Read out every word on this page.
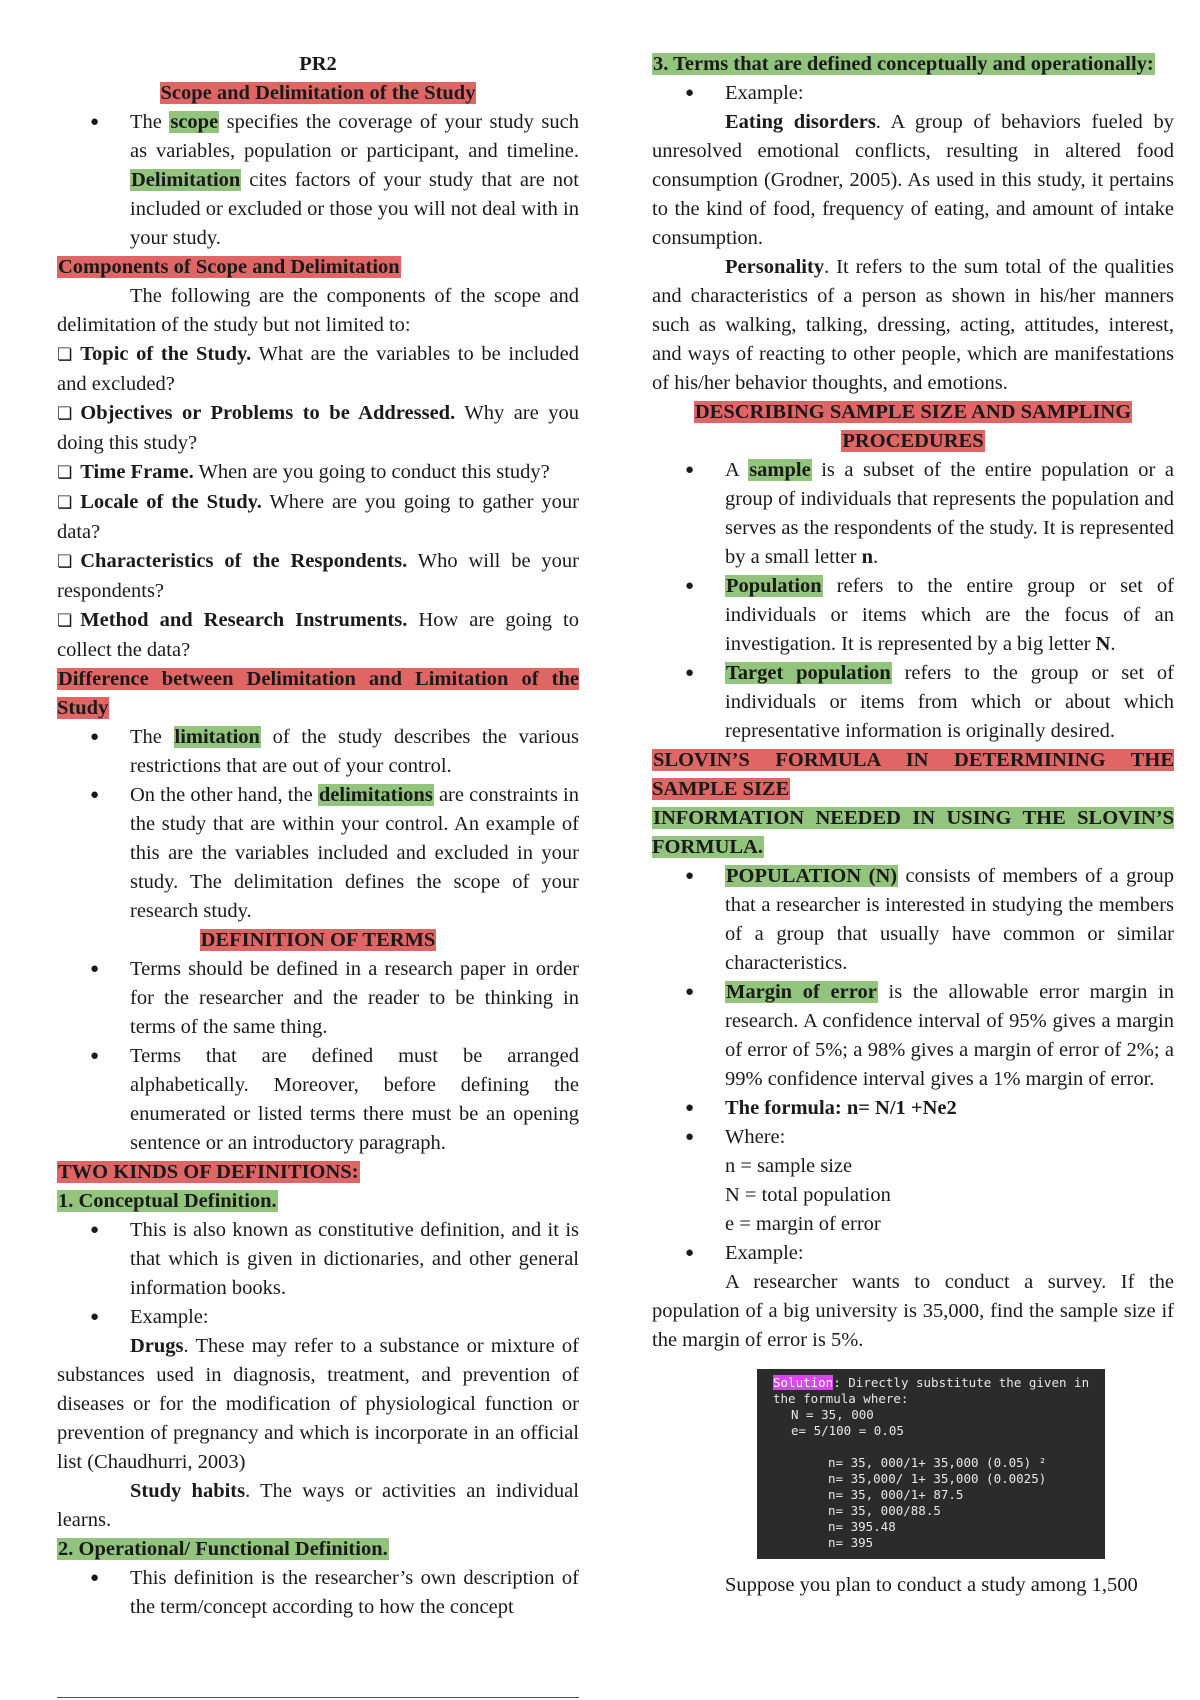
PR2

Scope and Delimitation of the Study

● The scope specifies the coverage of your study such as variables, population or participant, and timeline. Delimitation cites factors of your study that are not included or excluded or those you will not deal with in your study.

Components of Scope and Delimitation

The following are the components of the scope and delimitation of the study but not limited to:

❏ Topic of the Study. What are the variables to be included and excluded?

❏ Objectives or Problems to be Addressed. Why are you doing this study?

❏ Time Frame. When are you going to conduct this study?

❏ Locale of the Study. Where are you going to gather your data?

❏ Characteristics of the Respondents. Who will be your respondents?

❏ Method and Research Instruments. How are going to collect the data?

Difference between Delimitation and Limitation of the Study

● The limitation of the study describes the various restrictions that are out of your control.

● On the other hand, the delimitations are constraints in the study that are within your control. An example of this are the variables included and excluded in your study. The delimitation defines the scope of your research study.

DEFINITION OF TERMS

● Terms should be defined in a research paper in order for the researcher and the reader to be thinking in terms of the same thing.

● Terms that are defined must be arranged alphabetically. Moreover, before defining the enumerated or listed terms there must be an opening sentence or an introductory paragraph.

TWO KINDS OF DEFINITIONS:

1. Conceptual Definition.

● This is also known as constitutive definition, and it is that which is given in dictionaries, and other general information books.

● Example:

Drugs. These may refer to a substance or mixture of substances used in diagnosis, treatment, and prevention of diseases or for the modification of physiological function or prevention of pregnancy and which is incorporate in an official list (Chaudhurri, 2003)

Study habits. The ways or activities an individual learns.

2. Operational/ Functional Definition.

● This definition is the researcher’s own description of the term/concept according to how the concept

3. Terms that are defined conceptually and operationally:

● Example:

Eating disorders. A group of behaviors fueled by unresolved emotional conflicts, resulting in altered food consumption (Grodner, 2005). As used in this study, it pertains to the kind of food, frequency of eating, and amount of intake consumption.

Personality. It refers to the sum total of the qualities and characteristics of a person as shown in his/her manners such as walking, talking, dressing, acting, attitudes, interest, and ways of reacting to other people, which are manifestations of his/her behavior thoughts, and emotions.

DESCRIBING SAMPLE SIZE AND SAMPLING
PROCEDURES

● A sample is a subset of the entire population or a group of individuals that represents the population and serves as the respondents of the study. It is represented by a small letter n.

● Population refers to the entire group or set of individuals or items which are the focus of an investigation. It is represented by a big letter N.

● Target population refers to the group or set of individuals or items from which or about which representative information is originally desired.

SLOVIN’S FORMULA IN DETERMINING THE SAMPLE SIZE

INFORMATION NEEDED IN USING THE SLOVIN’S FORMULA.

● POPULATION (N) consists of members of a group that a researcher is interested in studying the members of a group that usually have common or similar characteristics.

● Margin of error is the allowable error margin in research. A confidence interval of 95% gives a margin of error of 5%; a 98% gives a margin of error of 2%; a 99% confidence interval gives a 1% margin of error.

● The formula: n= N/1 +Ne2

● Where:

n = sample size

N = total population

e = margin of error

● Example:

A researcher wants to conduct a survey. If the population of a big university is 35,000, find the sample size if the margin of error is 5%.

Solution: Directly substitute the given in the formula where:
N = 35, 000
e= 5/100 = 0.05
n= 35, 000/1+ 35,000 (0.05) ²
n= 35,000/ 1+ 35,000 (0.0025)
n= 35, 000/1+ 87.5
n= 35, 000/88.5
n= 395.48
n= 395

Suppose you plan to conduct a study among 1,500
